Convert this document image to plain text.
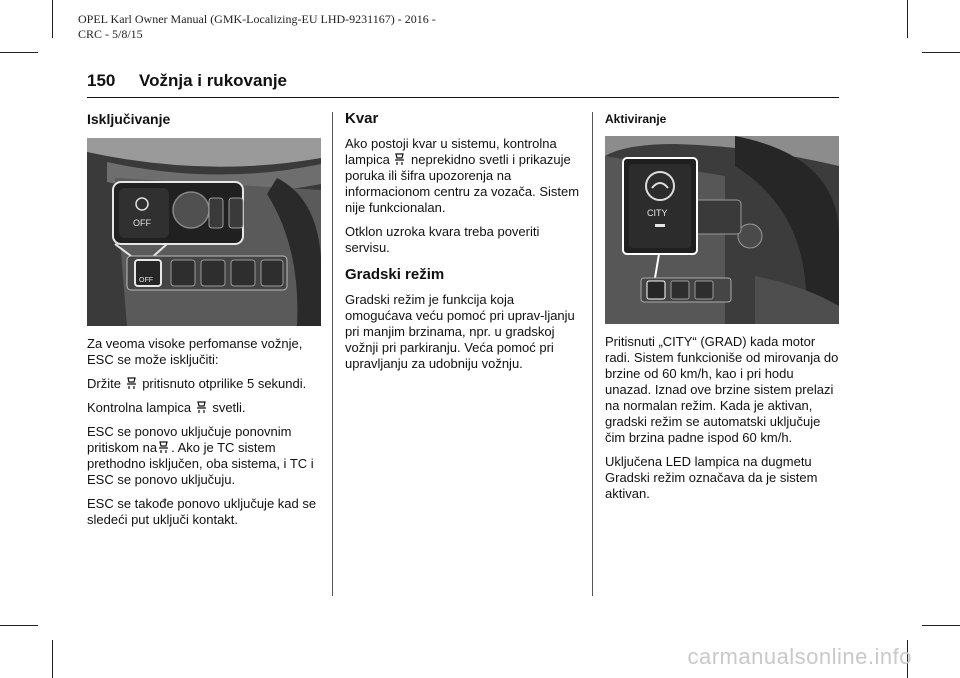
OPEL Karl Owner Manual (GMK-Localizing-EU LHD-9231167) - 2016 -
CRC - 5/8/15
150 Vožnja i rukovanje
Isključivanje
OFF
OFF

Za veoma visoke perfomanse vožnje, ESC se može isključiti:

Držite pritisnuto otprilike 5 sekundi.

Kontrolna lampica svetli.

ESC se ponovo uključuje ponovnim pritiskom na . Ako je TC sistem prethodno isključen, oba sistema, i TC i ESC se ponovo uključuju.

ESC se takođe ponovo uključuje kad se sledeći put uključi kontakt.

Kvar

Ako postoji kvar u sistemu, kontrolna lampica neprekidno svetli i prikazuje poruka ili šifra upozorenja na informacionom centru za vozača. Sistem nije funkcionalan.

Otklon uzroka kvara treba poveriti servisu.

Gradski režim

Gradski režim je funkcija koja omogućava veću pomoć pri uprav-ljanju pri manjim brzinama, npr. u gradskoj vožnji pri parkiranju. Veća pomoć pri upravljanju za udobniju vožnju.

Aktiviranje
CITY

Pritisnuti „CITY“ (GRAD) kada motor radi. Sistem funkcioniše od mirovanja do brzine od 60 km/h, kao i pri hodu unazad. Iznad ove brzine sistem prelazi na normalan režim. Kada je aktivan, gradski režim se automatski uključuje čim brzina padne ispod 60 km/h.

Uključena LED lampica na dugmetu Gradski režim označava da je sistem aktivan.

carmanualsonline.info
